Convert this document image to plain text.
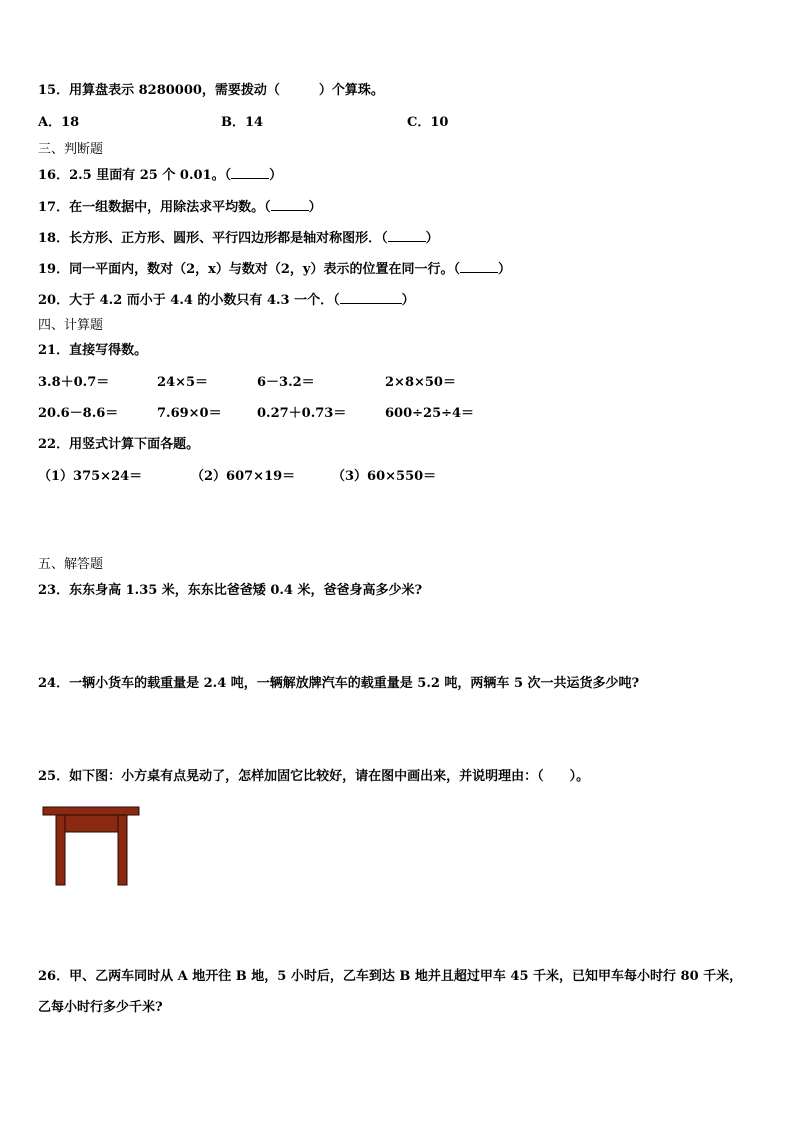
15．用算盘表示 8280000，需要拨动（　　　）个算珠。
A．18	B．14	C．10
三、判断题
16．2.5 里面有 25 个 0.01。（	）
17．在一组数据中，用除法求平均数。（	）
18．长方形、正方形、圆形、平行四边形都是轴对称图形．（	）
19．同一平面内，数对（2，x）与数对（2，y）表示的位置在同一行。（	）
20．大于 4.2 而小于 4.4 的小数只有 4.3 一个．（	）
四、计算题
21．直接写得数。
3.8＋0.7＝	24×5＝	6－3.2＝	2×8×50＝
20.6－8.6＝	7.69×0＝	0.27＋0.73＝	600÷25÷4＝
22．用竖式计算下面各题。
（1）375×24＝	（2）607×19＝	（3）60×550＝
五、解答题
23．东东身高 1.35 米，东东比爸爸矮 0.4 米，爸爸身高多少米?
24．一辆小货车的载重量是 2.4 吨，一辆解放牌汽车的载重量是 5.2 吨，两辆车 5 次一共运货多少吨?
25．如下图：小方桌有点晃动了，怎样加固它比较好，请在图中画出来，并说明理由：（　　）。
26．甲、乙两车同时从 A 地开往 B 地，5 小时后，乙车到达 B 地并且超过甲车 45 千米，已知甲车每小时行 80 千米，
乙每小时行多少千米?
